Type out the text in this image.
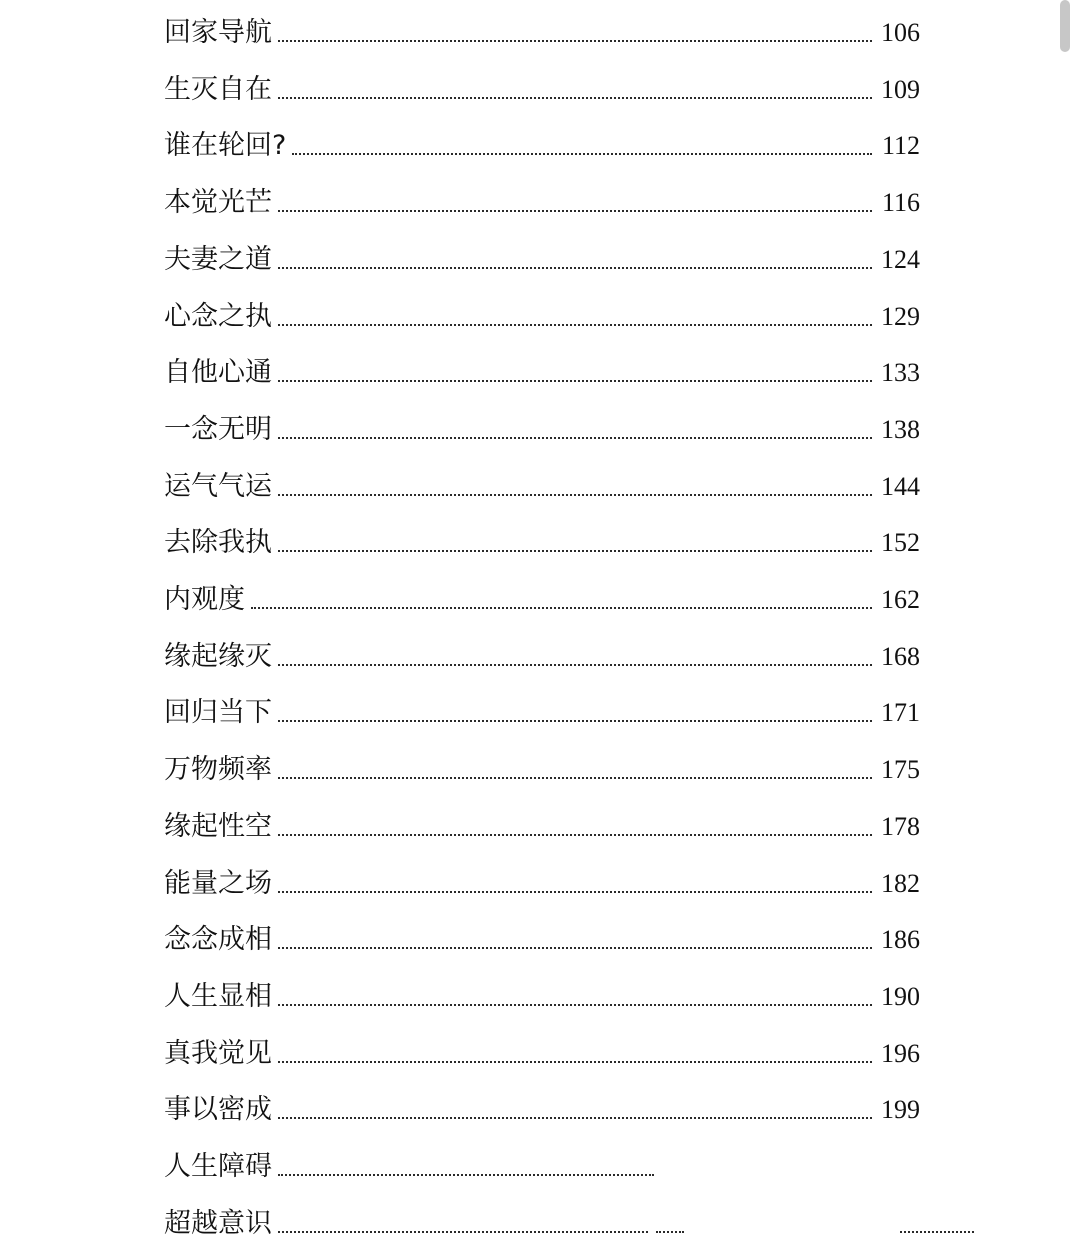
回家导航	106
生灭自在	109
谁在轮回?	112
本觉光芒	116
夫妻之道	124
心念之执	129
自他心通	133
一念无明	138
运气气运	144
去除我执	152
内观度	162
缘起缘灭	168
回归当下	171
万物频率	175
缘起性空	178
能量之场	182
念念成相	186
人生显相	190
真我觉见	196
事以密成	199
人生障碍
超越意识
